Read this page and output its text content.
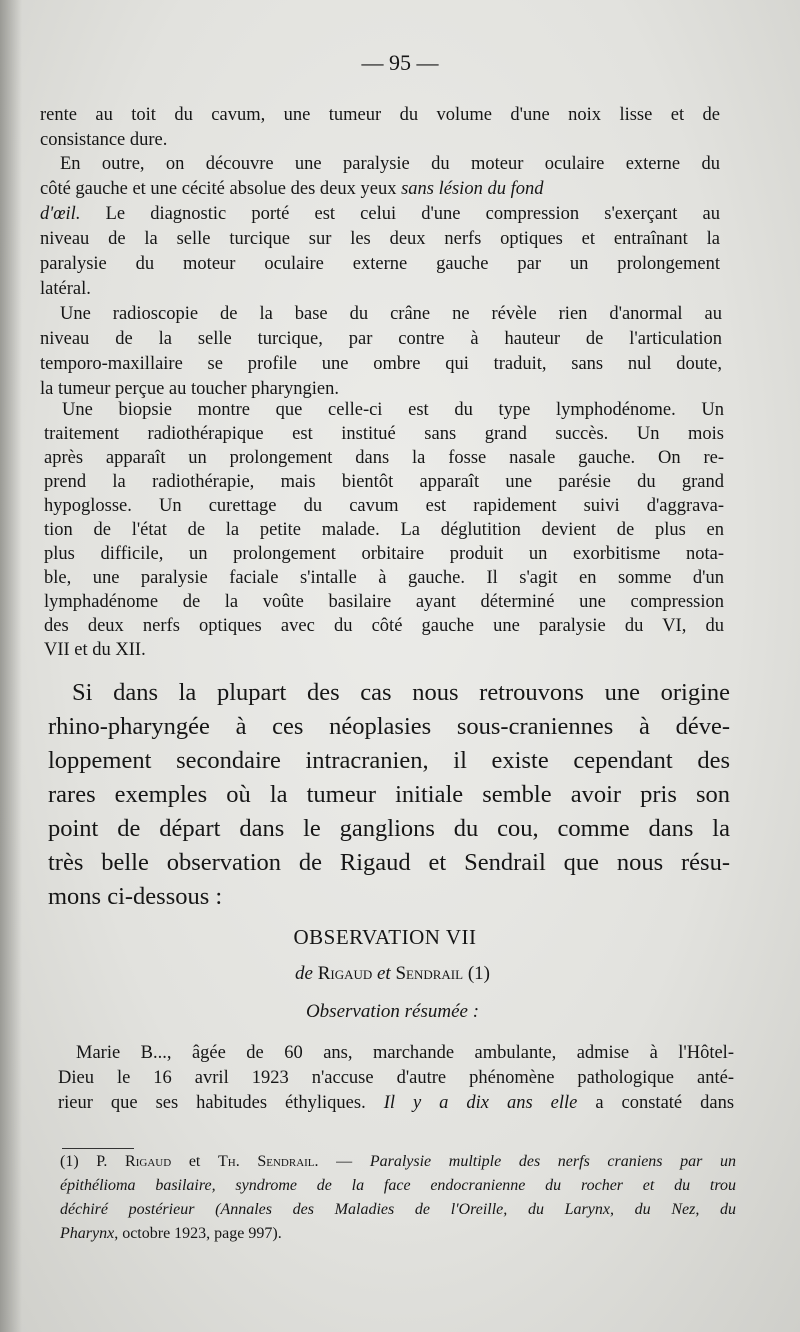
— 95 —
rente au toit du cavum, une tumeur du volume d'une noix lisse et de
consistance dure.
En outre, on découvre une paralysie du moteur oculaire externe du
côté gauche et une cécité absolue des deux yeux sans lésion du fond
d'œil. Le diagnostic porté est celui d'une compression s'exerçant au
niveau de la selle turcique sur les deux nerfs optiques et entraînant la
paralysie du moteur oculaire externe gauche par un prolongement
latéral.
Une radioscopie de la base du crâne ne révèle rien d'anormal au
niveau de la selle turcique, par contre à hauteur de l'articulation
temporo-maxillaire se profile une ombre qui traduit, sans nul doute,
la tumeur perçue au toucher pharyngien.
Une biopsie montre que celle-ci est du type lymphodénome. Un
traitement radiothérapique est institué sans grand succès. Un mois
après apparaît un prolongement dans la fosse nasale gauche. On re-
prend la radiothérapie, mais bientôt apparaît une parésie du grand
hypoglosse. Un curettage du cavum est rapidement suivi d'aggrava-
tion de l'état de la petite malade. La déglutition devient de plus en
plus difficile, un prolongement orbitaire produit un exorbitisme nota-
ble, une paralysie faciale s'intalle à gauche. Il s'agit en somme d'un
lymphadénome de la voûte basilaire ayant déterminé une compression
des deux nerfs optiques avec du côté gauche une paralysie du VI, du
VII et du XII.
Si dans la plupart des cas nous retrouvons une origine
rhino-pharyngée à ces néoplasies sous-craniennes à déve-
loppement secondaire intracranien, il existe cependant des
rares exemples où la tumeur initiale semble avoir pris son
point de départ dans le ganglions du cou, comme dans la
très belle observation de Rigaud et Sendrail que nous résu-
mons ci-dessous :
OBSERVATION VII
de Rigaud et Sendrail (1)
Observation résumée :
Marie B..., âgée de 60 ans, marchande ambulante, admise à l'Hôtel-
Dieu le 16 avril 1923 n'accuse d'autre phénomène pathologique anté-
rieur que ses habitudes éthyliques. Il y a dix ans elle a constaté dans
(1) P. Rigaud et Th. Sendrail. — Paralysie multiple des nerfs craniens par un
épithélioma basilaire, syndrome de la face endocranienne du rocher et du trou
déchiré postérieur (Annales des Maladies de l'Oreille, du Larynx, du Nez, du
Pharynx, octobre 1923, page 997).
